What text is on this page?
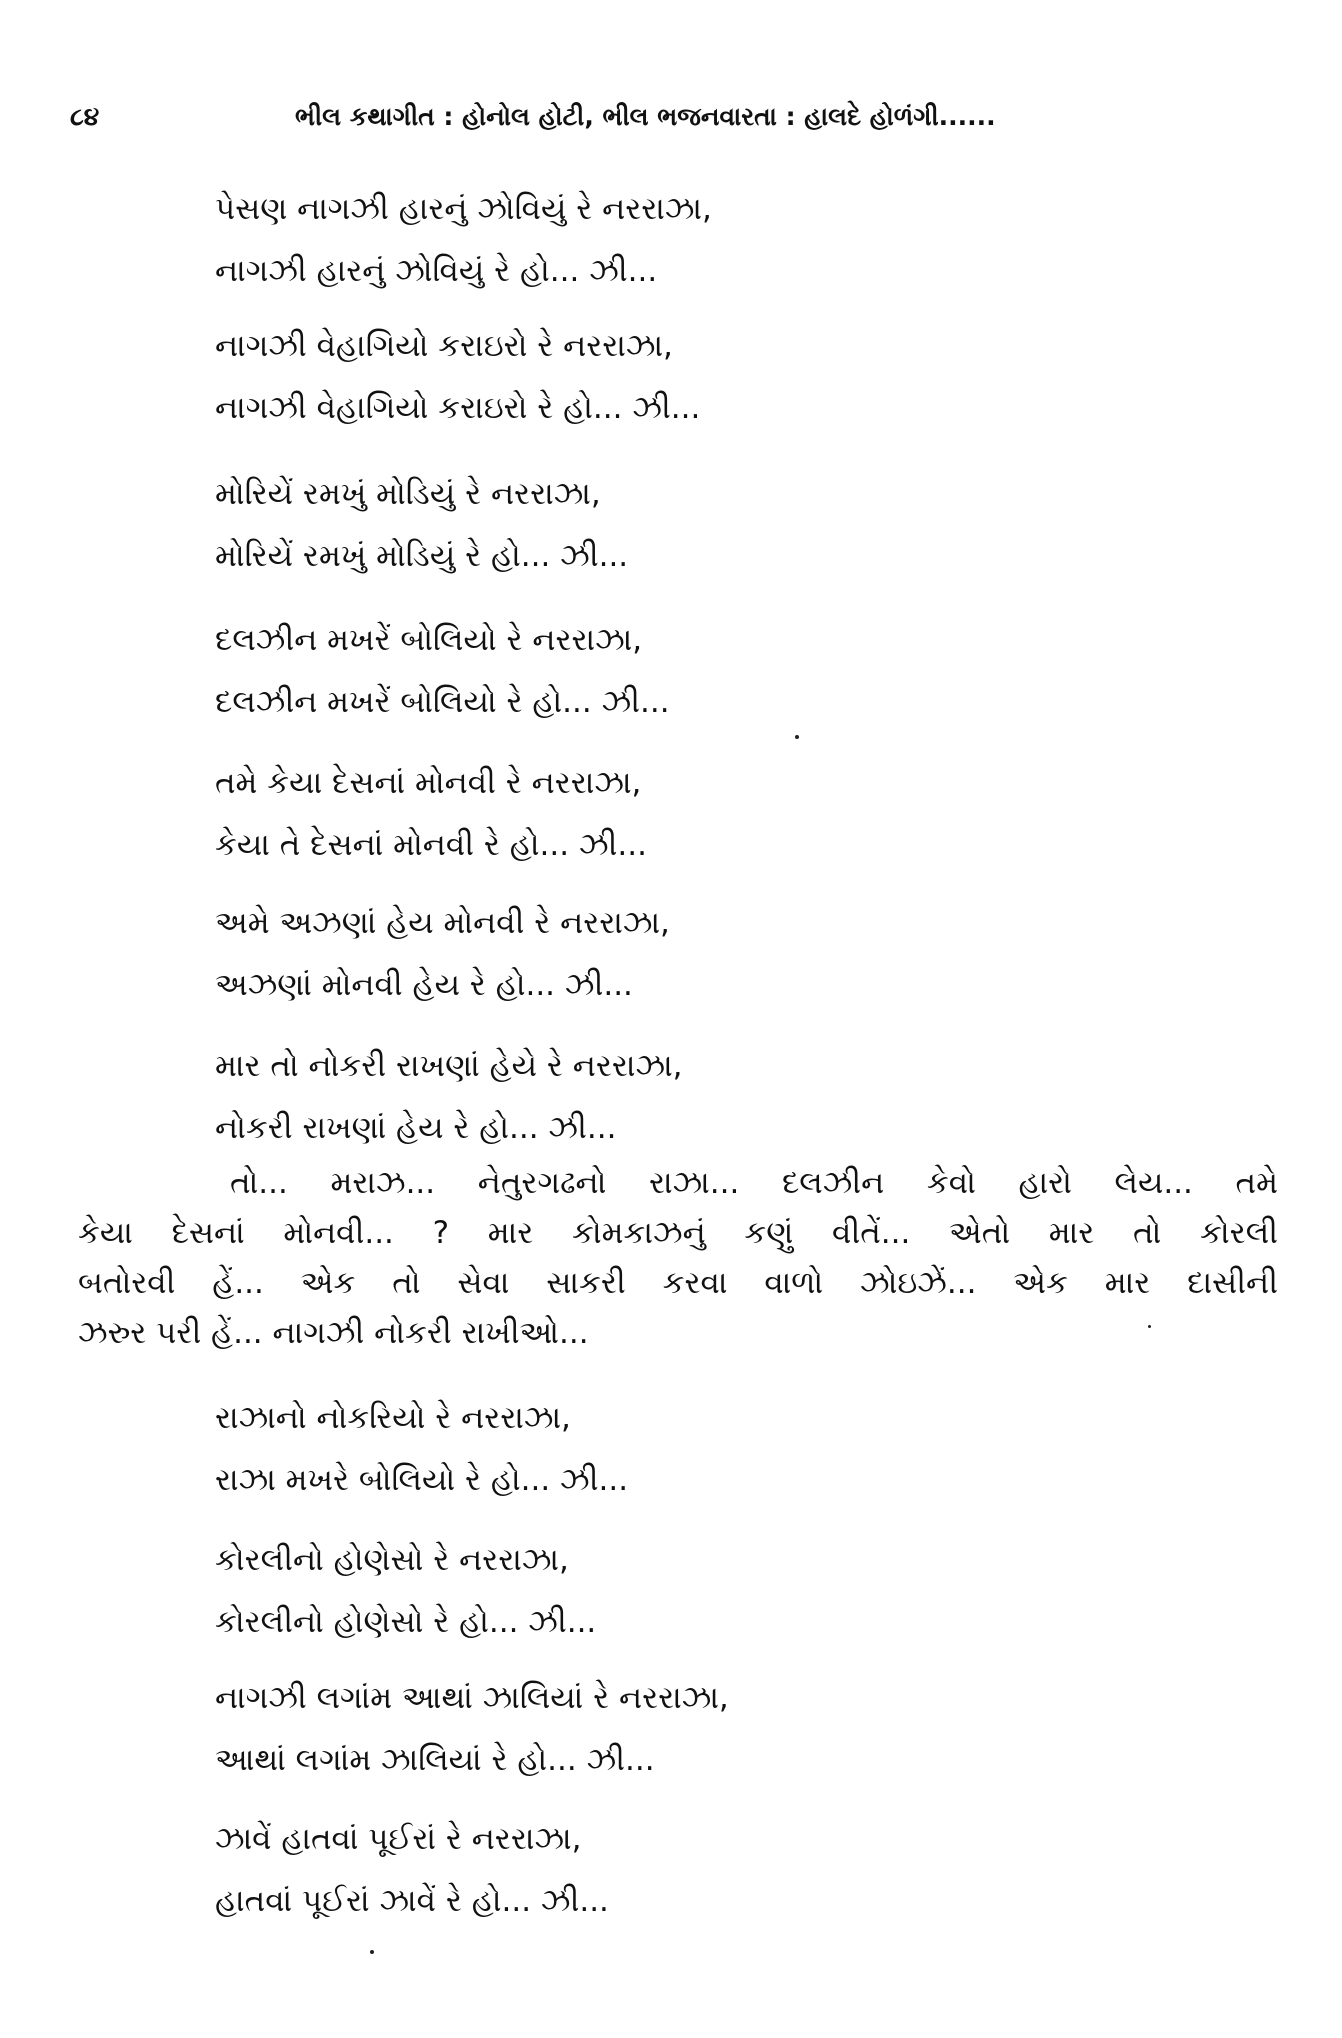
૮૪	ભીલ કથાગીત : હોનોલ હોટી, ભીલ ભજનવારતા : હાલદે હોળંગી......
પેસણ નાગઝી હારનું ઝોવિયું રે નરરાઝા,
નાગઝી હારનું ઝોવિયું રે હો... ઝી...
નાગઝી વેહાગિયો કરાઇરો રે નરરાઝા,
નાગઝી વેહાગિયો કરાઇરો રે હો... ઝી...
મોરિયેં રમખું મોડિયું રે નરરાઝા,
મોરિયેં રમખું મોડિયું રે હો... ઝી...
દલઝીન મખરેં બોલિયો રે નરરાઝા,
દલઝીન મખરેં બોલિયો રે હો... ઝી...
તમે કેયા દેસનાં મોનવી રે નરરાઝા,
કેયા તે દેસનાં મોનવી રે હો... ઝી...
અમે અઝણાં હેય મોનવી રે નરરાઝા,
અઝણાં મોનવી હેય રે હો... ઝી...
માર તો નોકરી રાખણાં હેયે રે નરરાઝા,
નોકરી રાખણાં હેય રે હો... ઝી...
તો... મરાઝ... નેતુરગઢનો રાઝા... દલઝીન કેવો હારો લેય... તમે
કેયા દેસનાં મોનવી... ? માર કોમકાઝનું કણું વીતેં... એતો માર તો કોરલી
બતોરવી હેં... એક તો સેવા સાકરી કરવા વાળો ઝોઇઝેં... એક માર દાસીની
ઝરુર પરી હેં... નાગઝી નોકરી રાખીઓ...
રાઝાનો નોકરિયો રે નરરાઝા,
રાઝા મખરે બોલિયો રે હો... ઝી...
કોરલીનો હોણેસો રે નરરાઝા,
કોરલીનો હોણેસો રે હો... ઝી...
નાગઝી લગાંમ આથાં ઝાલિયાં રે નરરાઝા,
આથાં લગાંમ ઝાલિયાં રે હો... ઝી...
ઝાવેં હાતવાં પૂઈરાં રે નરરાઝા,
હાતવાં પૂઈરાં ઝાવેં રે હો... ઝી...
